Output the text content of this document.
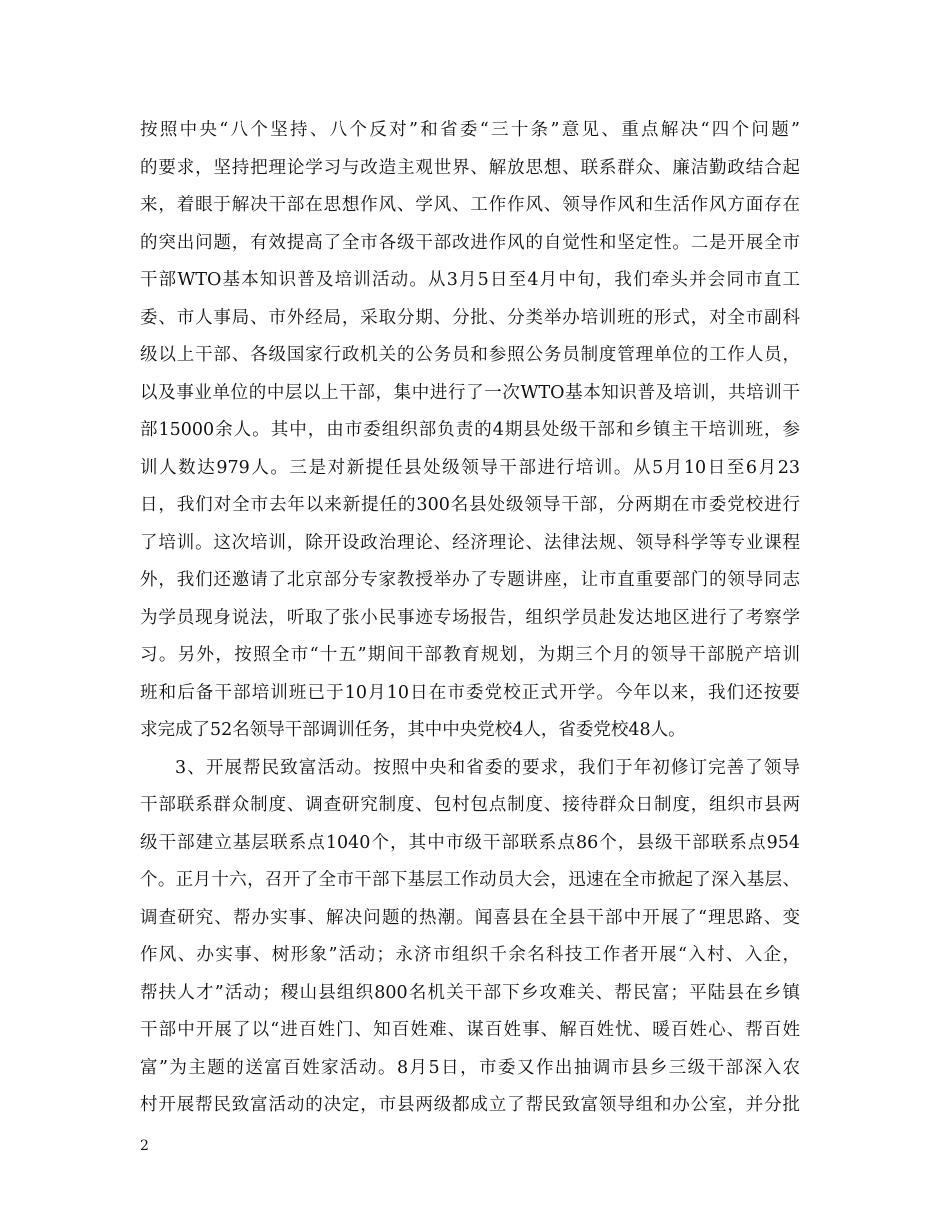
按照中央“八个坚持、八个反对”和省委“三十条”意见、重点解决“四个问题”
的要求，坚持把理论学习与改造主观世界、解放思想、联系群众、廉洁勤政结合起
来，着眼于解决干部在思想作风、学风、工作作风、领导作风和生活作风方面存在
的突出问题，有效提高了全市各级干部改进作风的自觉性和坚定性。二是开展全市
干部WTO基本知识普及培训活动。从3月5日至4月中旬，我们牵头并会同市直工
委、市人事局、市外经局，采取分期、分批、分类举办培训班的形式，对全市副科
级以上干部、各级国家行政机关的公务员和参照公务员制度管理单位的工作人员，
以及事业单位的中层以上干部，集中进行了一次WTO基本知识普及培训，共培训干
部15000余人。其中，由市委组织部负责的4期县处级干部和乡镇主干培训班，参
训人数达979人。三是对新提任县处级领导干部进行培训。从5月10日至6月23
日，我们对全市去年以来新提任的300名县处级领导干部，分两期在市委党校进行
了培训。这次培训，除开设政治理论、经济理论、法律法规、领导科学等专业课程
外，我们还邀请了北京部分专家教授举办了专题讲座，让市直重要部门的领导同志
为学员现身说法，听取了张小民事迹专场报告，组织学员赴发达地区进行了考察学
习。另外，按照全市“十五”期间干部教育规划，为期三个月的领导干部脱产培训
班和后备干部培训班已于10月10日在市委党校正式开学。今年以来，我们还按要
求完成了52名领导干部调训任务，其中中央党校4人，省委党校48人。
3、开展帮民致富活动。按照中央和省委的要求，我们于年初修订完善了领导
干部联系群众制度、调查研究制度、包村包点制度、接待群众日制度，组织市县两
级干部建立基层联系点1040个，其中市级干部联系点86个，县级干部联系点954
个。正月十六，召开了全市干部下基层工作动员大会，迅速在全市掀起了深入基层、
调查研究、帮办实事、解决问题的热潮。闻喜县在全县干部中开展了“理思路、变
作风、办实事、树形象”活动；永济市组织千余名科技工作者开展“入村、入企，
帮扶人才”活动；稷山县组织800名机关干部下乡攻难关、帮民富；平陆县在乡镇
干部中开展了以“进百姓门、知百姓难、谋百姓事、解百姓忧、暖百姓心、帮百姓
富”为主题的送富百姓家活动。8月5日，市委又作出抽调市县乡三级干部深入农
村开展帮民致富活动的决定，市县两级都成立了帮民致富领导组和办公室，并分批
2
